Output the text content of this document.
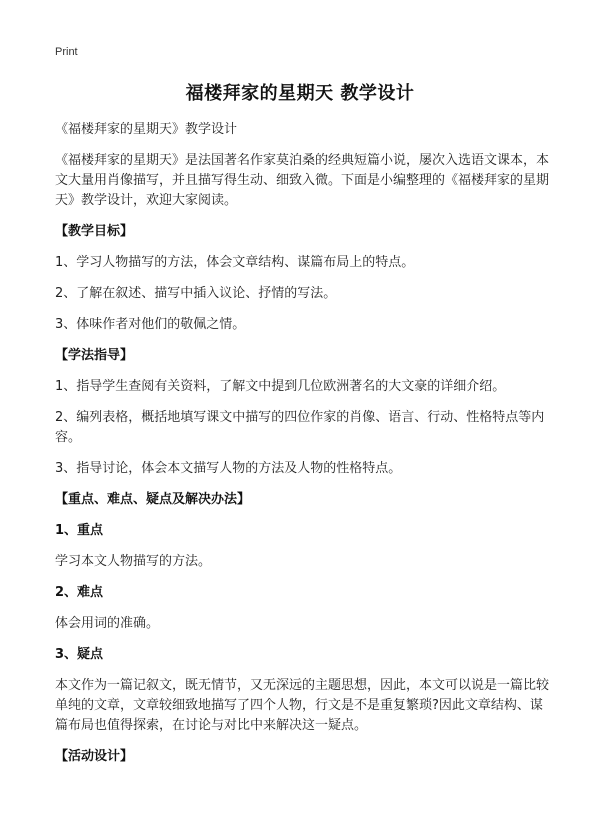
Print
福楼拜家的星期天 教学设计

《福楼拜家的星期天》教学设计

《福楼拜家的星期天》是法国著名作家莫泊桑的经典短篇小说，屡次入选语文课本，本文大量用肖像描写，并且描写得生动、细致入微。下面是小编整理的《福楼拜家的星期天》教学设计，欢迎大家阅读。

【教学目标】

1、学习人物描写的方法，体会文章结构、谋篇布局上的特点。

2、了解在叙述、描写中插入议论、抒情的写法。

3、体味作者对他们的敬佩之情。

【学法指导】

1、指导学生查阅有关资料，了解文中提到几位欧洲著名的大文豪的详细介绍。

2、编列表格，概括地填写课文中描写的四位作家的肖像、语言、行动、性格特点等内容。

3、指导讨论，体会本文描写人物的方法及人物的性格特点。

【重点、难点、疑点及解决办法】

1、重点

学习本文人物描写的方法。

2、难点

体会用词的准确。

3、疑点

本文作为一篇记叙文，既无情节，又无深远的主题思想，因此，本文可以说是一篇比较单纯的文章，文章较细致地描写了四个人物，行文是不是重复繁琐?因此文章结构、谋篇布局也值得探索，在讨论与对比中来解决这一疑点。

【活动设计】
